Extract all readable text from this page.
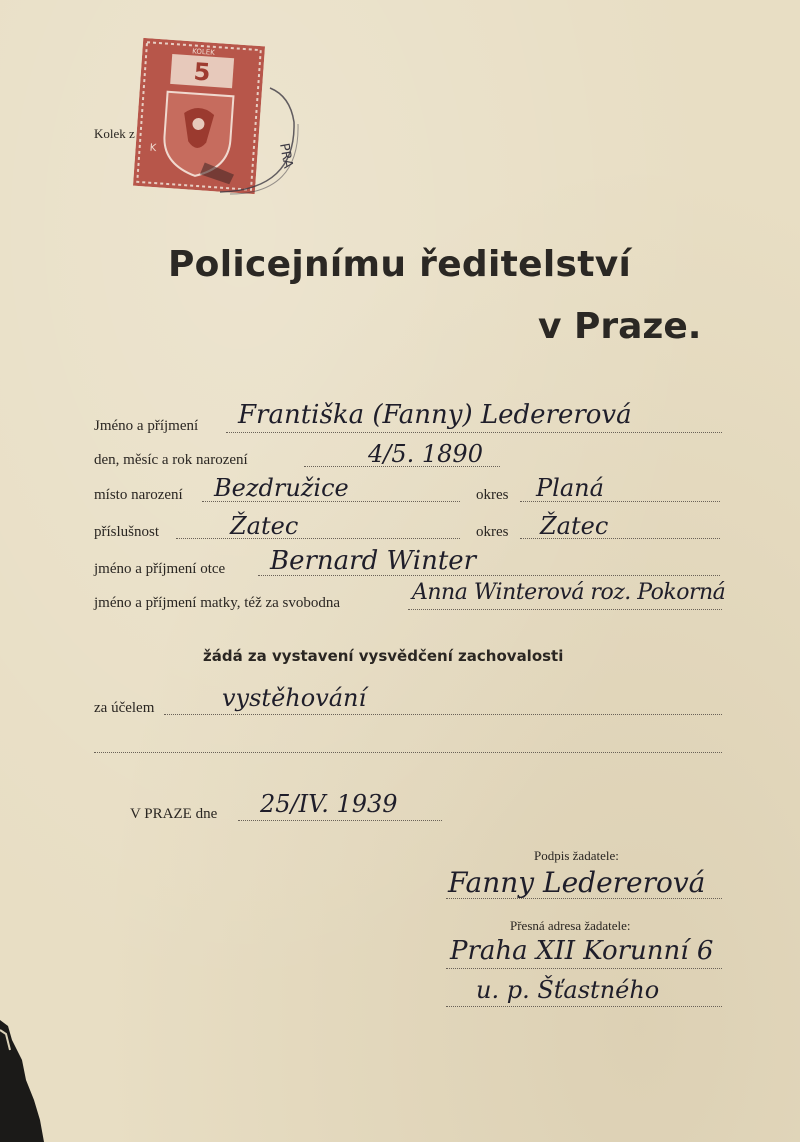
5
KOLEK
K	PRA
Kolek z
Policejnímu ředitelství
v Praze.
Jméno a příjmení Františka (Fanny) Ledererová
den, měsíc a rok narození	4/5. 1890
místo narození Bezdružice	okres Planá
příslušnost	Žatec	okres Žatec
jméno a příjmení otce Bernard Winter
jméno a příjmení matky, též za svobodna	Anna Winterová roz. Pokorná
žádá za vystavení vysvědčení zachovalosti
za účelem	vystěhování
V PRAZE dne 25/IV. 1939
Podpis žadatele:
Fanny Ledererová
Přesná adresa žadatele:
Praha XII Korunní 6
u. p. Šťastného
